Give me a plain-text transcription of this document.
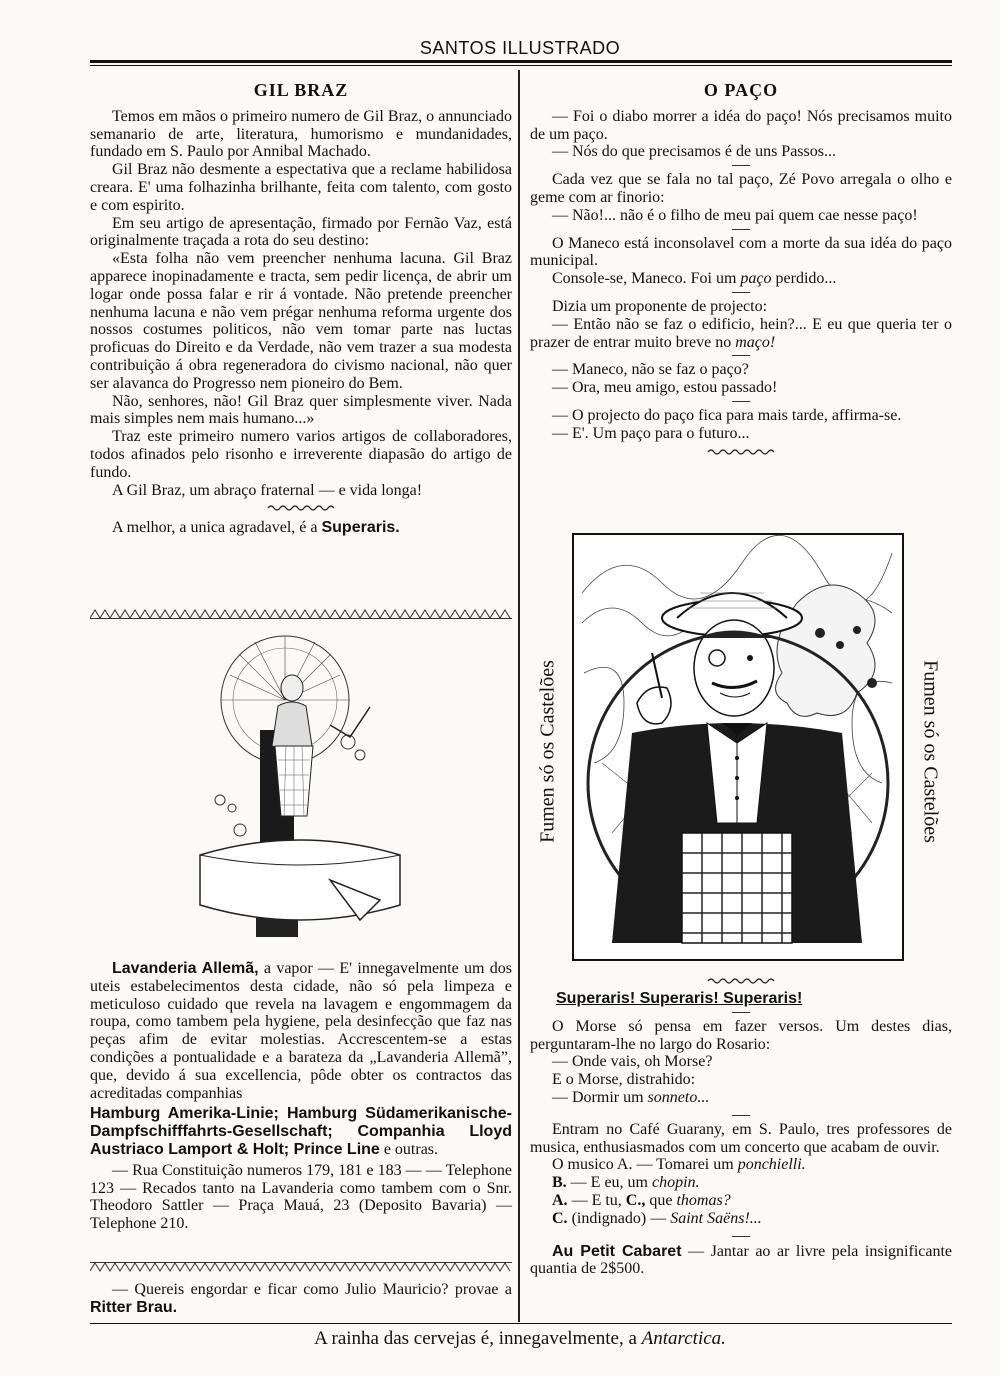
SANTOS ILLUSTRADO

GIL BRAZ

Temos em mãos o primeiro numero de Gil Braz, o annunciado semanario de arte, literatura, humorismo e mundanidades, fundado em S. Paulo por Annibal Machado.

Gil Braz não desmente a espectativa que a reclame habilidosa creara. E' uma folhazinha brilhante, feita com talento, com gosto e com espirito.

Em seu artigo de apresentação, firmado por Fernão Vaz, está originalmente traçada a rota do seu destino:

«Esta folha não vem preencher nenhuma lacuna. Gil Braz apparece inopinadamente e tracta, sem pedir licença, de abrir um logar onde possa falar e rir á vontade. Não pretende preencher nenhuma lacuna e não vem prégar nenhuma reforma urgente dos nossos costumes politicos, não vem tomar parte nas luctas proficuas do Direito e da Verdade, não vem trazer a sua modesta contribuição á obra regeneradora do civismo nacional, não quer ser alavanca do Progresso nem pioneiro do Bem.

Não, senhores, não! Gil Braz quer simplesmente viver. Nada mais simples nem mais humano...»

Traz este primeiro numero varios artigos de collaboradores, todos afinados pelo risonho e irreverente diapasão do artigo de fundo.

A Gil Braz, um abraço fraternal — e vida longa!

A melhor, a unica agradavel, é a Superaris.

Lavanderia Allemã, a vapor — E' innegavelmente um dos uteis estabelecimentos desta cidade, não só pela limpeza e meticuloso cuidado que revela na lavagem e engommagem da roupa, como tambem pela hygiene, pela desinfecção que faz nas peças afim de evitar molestias. Accrescentem-se a estas condições a pontualidade e a barateza da „Lavanderia Allemã”, que, devido á sua excellencia, pôde obter os contractos das acreditadas companhias

Hamburg Amerika-Linie; Hamburg Südamerikanische-Dampfschifffahrts-Gesellschaft; Companhia Lloyd Austriaco Lamport & Holt; Prince Line e outras.

— Rua Constituição numeros 179, 181 e 183 — — Telephone 123 — Recados tanto na Lavanderia como tambem com o Snr. Theodoro Sattler — Praça Mauá, 23 (Deposito Bavaria) — Telephone 210.

— Quereis engordar e ficar como Julio Mauricio? provae a Ritter Brau.

O PAÇO

— Foi o diabo morrer a idéa do paço! Nós precisamos muito de um paço.

— Nós do que precisamos é de uns Passos...

Cada vez que se fala no tal paço, Zé Povo arregala o olho e geme com ar finorio:

— Não!... não é o filho de meu pai quem cae nesse paço!

O Maneco está inconsolavel com a morte da sua idéa do paço municipal.

Console-se, Maneco. Foi um paço perdido...

Dizia um proponente de projecto:

— Então não se faz o edificio, hein?... E eu que queria ter o prazer de entrar muito breve no maço!

— Maneco, não se faz o paço?

— Ora, meu amigo, estou passado!

— O projecto do paço fica para mais tarde, affirma-se.

— E'. Um paço para o futuro...

Fumen só os Castelões	Fumen só os Castelões

Superaris! Superaris! Superaris!

O Morse só pensa em fazer versos. Um destes dias, perguntaram-lhe no largo do Rosario:

— Onde vais, oh Morse?

E o Morse, distrahido:

— Dormir um sonneto...

Entram no Café Guarany, em S. Paulo, tres professores de musica, enthusiasmados com um concerto que acabam de ouvir.

O musico A. — Tomarei um ponchielli.

B. — E eu, um chopin.

A. — E tu, C., que thomas?

C. (indignado) — Saint Saëns!...

Au Petit Cabaret — Jantar ao ar livre pela insignificante quantia de 2$500.

A rainha das cervejas é, innegavelmente, a Antarctica.
